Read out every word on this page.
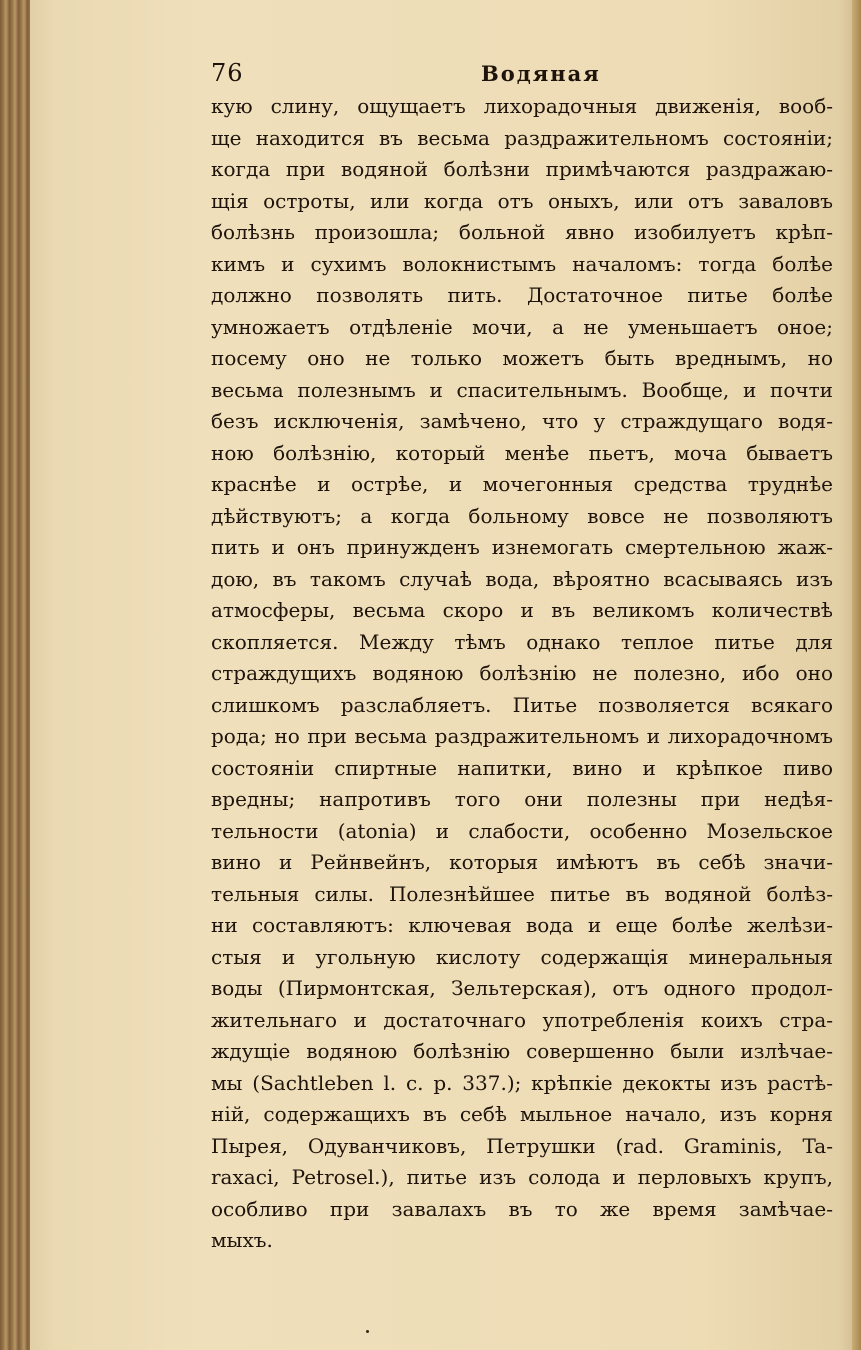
76	Водяная
кую слину, ощущаетъ лихорадочныя движенія, вооб-
ще находится въ весьма раздражительномъ состояніи;
когда при водяной болѣзни примѣчаются раздражаю-
щія остроты, или когда отъ оныхъ, или отъ заваловъ
болѣзнь произошла; больной явно изобилуетъ крѣп-
кимъ и сухимъ волокнистымъ началомъ: тогда болѣе
должно позволять пить. Достаточное питье болѣе
умножаетъ отдѣленіе мочи, а не уменьшаетъ оное;
посему оно не только можетъ быть вреднымъ, но
весьма полезнымъ и спасительнымъ. Вообще, и почти
безъ исключенія, замѣчено, что у страждущаго водя-
ною болѣзнію, который менѣе пьетъ, моча бываетъ
краснѣе и острѣе, и мочегонныя средства труднѣе
дѣйствуютъ; а когда больному вовсе не позволяютъ
пить и онъ принужденъ изнемогать смертельною жаж-
дою, въ такомъ случаѣ вода, вѣроятно всасываясь изъ
атмосферы, весьма скоро и въ великомъ количествѣ
скопляется. Между тѣмъ однако теплое питье для
страждущихъ водяною болѣзнію не полезно, ибо оно
слишкомъ разслабляетъ. Питье позволяется всякаго
рода; но при весьма раздражительномъ и лихорадочномъ
состояніи спиртные напитки, вино и крѣпкое пиво
вредны; напротивъ того они полезны при недѣя-
тельности (atonia) и слабости, особенно Мозельское
вино и Рейнвейнъ, которыя имѣютъ въ себѣ значи-
тельныя силы. Полезнѣйшее питье въ водяной болѣз-
ни составляютъ: ключевая вода и еще болѣе желѣзи-
стыя и угольную кислоту содержащія минеральныя
воды (Пирмонтская, Зельтерская), отъ одного продол-
жительнаго и достаточнаго употребленія коихъ стра-
ждущіе водяною болѣзнію совершенно были излѣчае-
мы (Sachtleben l. c. p. 337.); крѣпкіе декокты изъ растѣ-
ній, содержащихъ въ себѣ мыльное начало, изъ корня
Пырея, Одуванчиковъ, Петрушки (rad. Graminis, Ta-
raxaci, Petrosel.), питье изъ солода и перловыхъ крупъ,
особливо при завалахъ въ то же время замѣчае-
мыхъ.
